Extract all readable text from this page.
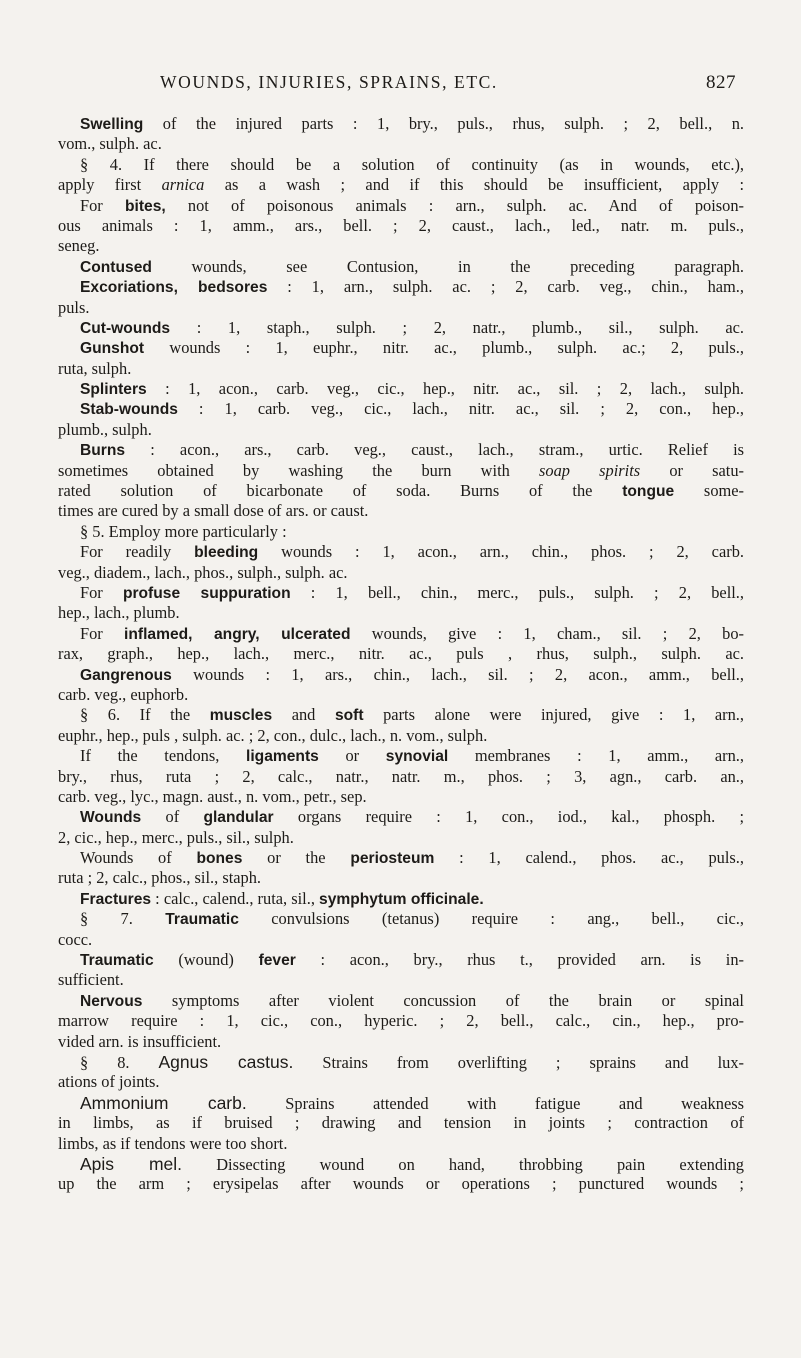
WOUNDS, INJURIES, SPRAINS, ETC.	827
Swelling of the injured parts : 1, bry., puls., rhus, sulph. ; 2, bell., n.
vom., sulph. ac.
§ 4. If there should be a solution of continuity (as in wounds, etc.),
apply first arnica as a wash ; and if this should be insufficient, apply :
For bites, not of poisonous animals : arn., sulph. ac. And of poison-
ous animals : 1, amm., ars., bell. ; 2, caust., lach., led., natr. m. puls.,
seneg.
Contused wounds, see Contusion, in the preceding paragraph.
Excoriations, bedsores : 1, arn., sulph. ac. ; 2, carb. veg., chin., ham.,
puls.
Cut-wounds : 1, staph., sulph. ; 2, natr., plumb., sil., sulph. ac.
Gunshot wounds : 1, euphr., nitr. ac., plumb., sulph. ac.; 2, puls.,
ruta, sulph.
Splinters : 1, acon., carb. veg., cic., hep., nitr. ac., sil. ; 2, lach., sulph.
Stab-wounds : 1, carb. veg., cic., lach., nitr. ac., sil. ; 2, con., hep.,
plumb., sulph.
Burns : acon., ars., carb. veg., caust., lach., stram., urtic. Relief is
sometimes obtained by washing the burn with soap spirits or satu-
rated solution of bicarbonate of soda. Burns of the tongue some-
times are cured by a small dose of ars. or caust.
§ 5. Employ more particularly :
For readily bleeding wounds : 1, acon., arn., chin., phos. ; 2, carb.
veg., diadem., lach., phos., sulph., sulph. ac.
For profuse suppuration : 1, bell., chin., merc., puls., sulph. ; 2, bell.,
hep., lach., plumb.
For inflamed, angry, ulcerated wounds, give : 1, cham., sil. ; 2, bo-
rax, graph., hep., lach., merc., nitr. ac., puls , rhus, sulph., sulph. ac.
Gangrenous wounds : 1, ars., chin., lach., sil. ; 2, acon., amm., bell.,
carb. veg., euphorb.
§ 6. If the muscles and soft parts alone were injured, give : 1, arn.,
euphr., hep., puls , sulph. ac. ; 2, con., dulc., lach., n. vom., sulph.
If the tendons, ligaments or synovial membranes : 1, amm., arn.,
bry., rhus, ruta ; 2, calc., natr., natr. m., phos. ; 3, agn., carb. an.,
carb. veg., lyc., magn. aust., n. vom., petr., sep.
Wounds of glandular organs require : 1, con., iod., kal., phosph. ;
2, cic., hep., merc., puls., sil., sulph.
Wounds of bones or the periosteum : 1, calend., phos. ac., puls.,
ruta ; 2, calc., phos., sil., staph.
Fractures : calc., calend., ruta, sil., symphytum officinale.
§ 7. Traumatic convulsions (tetanus) require : ang., bell., cic.,
cocc.
Traumatic (wound) fever : acon., bry., rhus t., provided arn. is in-
sufficient.
Nervous symptoms after violent concussion of the brain or spinal
marrow require : 1, cic., con., hyperic. ; 2, bell., calc., cin., hep., pro-
vided arn. is insufficient.
§ 8. Agnus castus. Strains from overlifting ; sprains and lux-
ations of joints.
Ammonium carb. Sprains attended with fatigue and weakness
in limbs, as if bruised ; drawing and tension in joints ; contraction of
limbs, as if tendons were too short.
Apis mel. Dissecting wound on hand, throbbing pain extending
up the arm ; erysipelas after wounds or operations ; punctured wounds ;
